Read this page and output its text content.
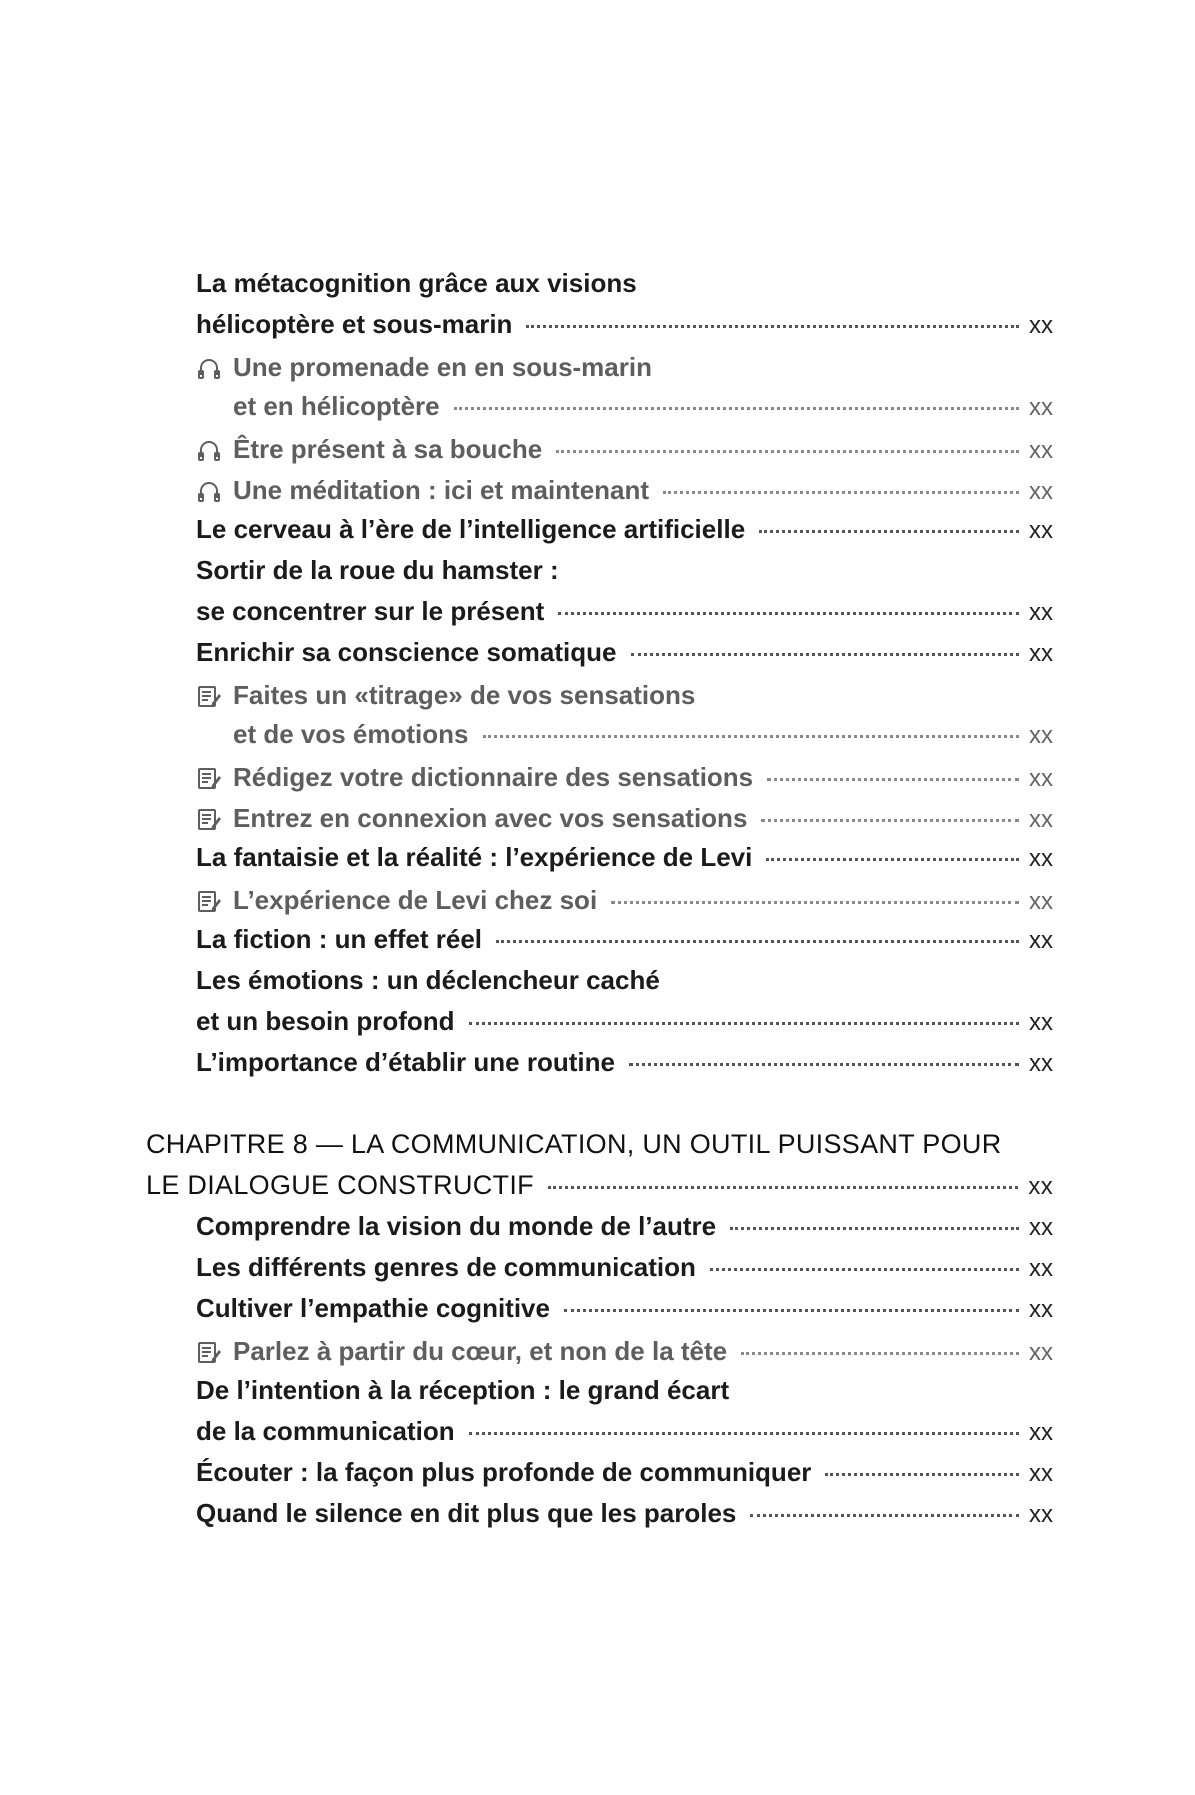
La métacognition grâce aux visions
hélicoptère et sous-marin	xx
Une promenade en en sous-marin
et en hélicoptère	xx
Être présent à sa bouche	xx
Une méditation : ici et maintenant	xx
Le cerveau à l’ère de l’intelligence artificielle	xx
Sortir de la roue du hamster :
se concentrer sur le présent	xx
Enrichir sa conscience somatique	xx
Faites un «titrage» de vos sensations
et de vos émotions	xx
Rédigez votre dictionnaire des sensations	xx
Entrez en connexion avec vos sensations	xx
La fantaisie et la réalité : l’expérience de Levi	xx
L’expérience de Levi chez soi	xx
La fiction : un effet réel	xx
Les émotions : un déclencheur caché
et un besoin profond	xx
L’importance d’établir une routine	xx
CHAPITRE 8 — LA COMMUNICATION, UN OUTIL PUISSANT POUR
LE DIALOGUE CONSTRUCTIF	xx
Comprendre la vision du monde de l’autre	xx
Les différents genres de communication	xx
Cultiver l’empathie cognitive	xx
Parlez à partir du cœur, et non de la tête	xx
De l’intention à la réception : le grand écart
de la communication	xx
Écouter : la façon plus profonde de communiquer	xx
Quand le silence en dit plus que les paroles	xx
